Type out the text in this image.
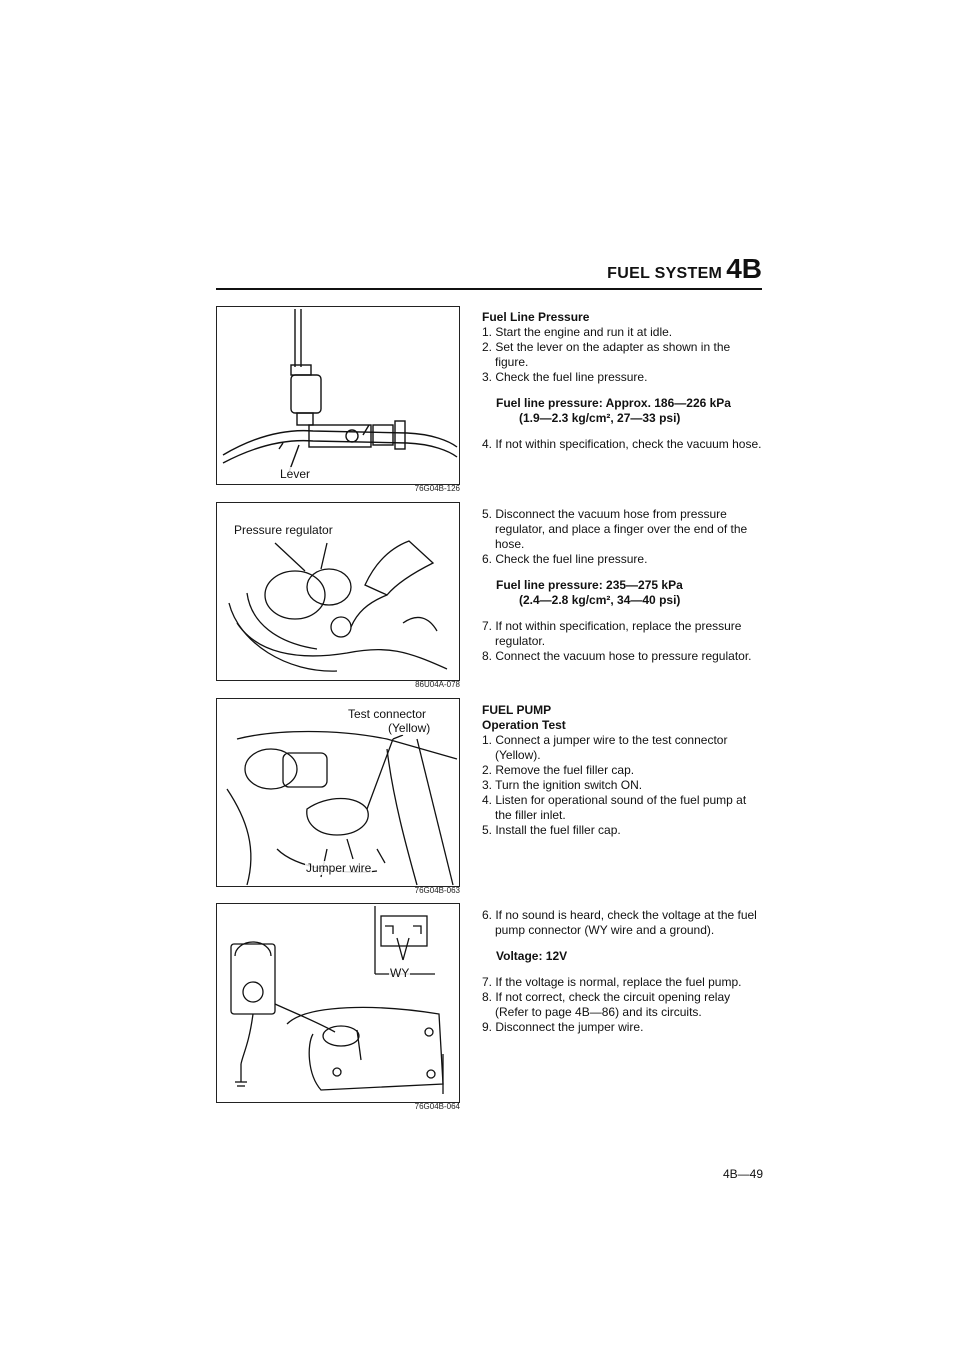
FUEL SYSTEM 4B
Lever
76G04B-126
Pressure regulator
86U04A-078
Test connector
(Yellow)
Jumper wire
76G04B-063
WY
76G04B-064
Fuel Line Pressure
1. Start the engine and run it at idle.
2. Set the lever on the adapter as shown in the figure.
3. Check the fuel line pressure.
Fuel line pressure: Approx. 186—226 kPa
(1.9—2.3 kg/cm², 27—33 psi)
4. If not within specification, check the vacuum hose.
5. Disconnect the vacuum hose from pressure regulator, and place a finger over the end of the hose.
6. Check the fuel line pressure.
Fuel line pressure: 235—275 kPa
(2.4—2.8 kg/cm², 34—40 psi)
7. If not within specification, replace the pressure regulator.
8. Connect the vacuum hose to pressure regulator.
FUEL PUMP
Operation Test
1. Connect a jumper wire to the test connector (Yellow).
2. Remove the fuel filler cap.
3. Turn the ignition switch ON.
4. Listen for operational sound of the fuel pump at the filler inlet.
5. Install the fuel filler cap.
6. If no sound is heard, check the voltage at the fuel pump connector (WY wire and a ground).
Voltage: 12V
7. If the voltage is normal, replace the fuel pump.
8. If not correct, check the circuit opening relay (Refer to page 4B—86) and its circuits.
9. Disconnect the jumper wire.
4B—49
